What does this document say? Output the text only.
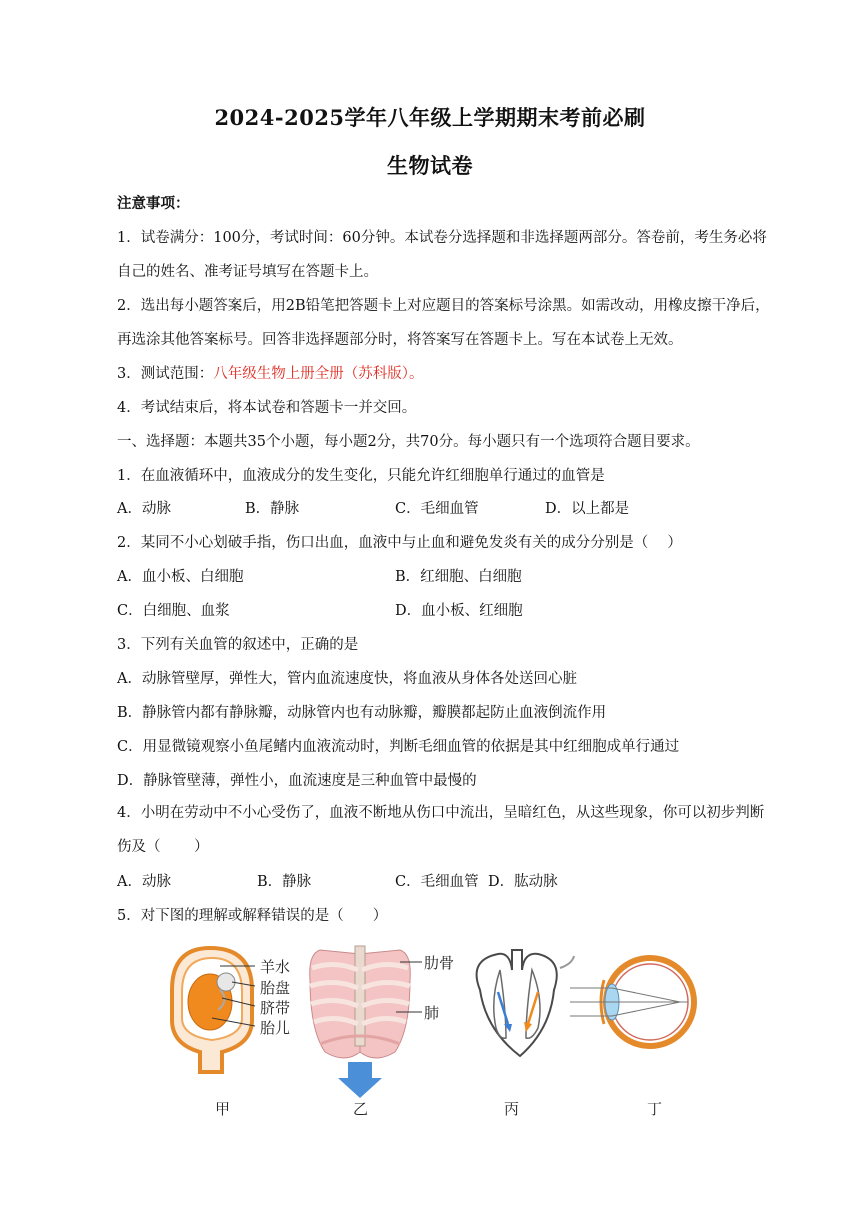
2024-2025学年八年级上学期期末考前必刷
生物试卷
注意事项：
1．试卷满分：100分，考试时间：60分钟。本试卷分选择题和非选择题两部分。答卷前，考生务必将
自己的姓名、准考证号填写在答题卡上。
2．选出每小题答案后，用2B铅笔把答题卡上对应题目的答案标号涂黑。如需改动，用橡皮擦干净后，
再选涂其他答案标号。回答非选择题部分时，将答案写在答题卡上。写在本试卷上无效。
3．测试范围：八年级生物上册全册（苏科版）。
4．考试结束后，将本试卷和答题卡一并交回。
一、选择题：本题共35个小题，每小题2分，共70分。每小题只有一个选项符合题目要求。
1．在血液循环中，血液成分的发生变化，只能允许红细胞单行通过的血管是
A．动脉	B．静脉	C．毛细血管	D．以上都是
2．某同不小心划破手指，伤口出血，血液中与止血和避免发炎有关的成分分别是（　 ）
A．血小板、白细胞	B．红细胞、白细胞
C．白细胞、血浆	D．血小板、红细胞
3．下列有关血管的叙述中，正确的是
A．动脉管壁厚，弹性大，管内血流速度快，将血液从身体各处送回心脏
B．静脉管内都有静脉瓣，动脉管内也有动脉瓣，瓣膜都起防止血液倒流作用
C．用显微镜观察小鱼尾鳍内血液流动时，判断毛细血管的依据是其中红细胞成单行通过
D．静脉管壁薄，弹性小，血流速度是三种血管中最慢的
4．小明在劳动中不小心受伤了，血液不断地从伤口中流出，呈暗红色，从这些现象，你可以初步判断
伤及（　　 ）
A．动脉	B．静脉	C．毛细血管 D．肱动脉
5．对下图的理解或解释错误的是（　　）
羊水
胎盘
脐带
胎儿
肋骨
肺
甲	乙	丙	丁
